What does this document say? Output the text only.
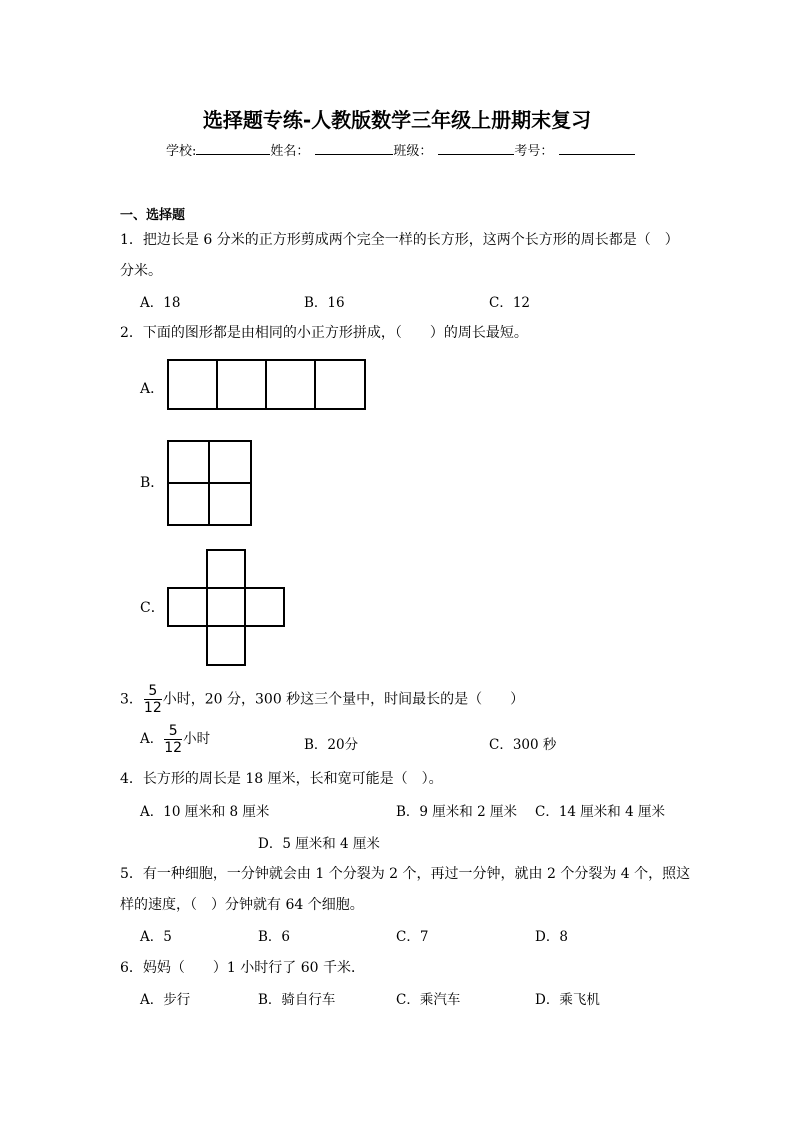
选择题专练-人教版数学三年级上册期末复习
学校:	姓名：	班级：	考号：
一、选择题
1．把边长是 6 分米的正方形剪成两个完全一样的长方形，这两个长方形的周长都是（　）
分米。
A．18	B．16	C．12
2．下面的图形都是由相同的小正方形拼成，（　　）的周长最短。
A．
B．
C．
3． $\frac{5}{12}$ 小时，20 分，300 秒这三个量中，时间最长的是（　　）
A． $\frac{5}{12}$ 小时	B．20分	C．300 秒
4．长方形的周长是 18 厘米，长和宽可能是（　）。
A．10 厘米和 8 厘米	B．9 厘米和 2 厘米 C．14 厘米和 4 厘米
D．5 厘米和 4 厘米
5．有一种细胞，一分钟就会由 1 个分裂为 2 个，再过一分钟，就由 2 个分裂为 4 个，照这
样的速度，（　）分钟就有 64 个细胞。
A．5	B．6	C．7	D．8
6．妈妈（　　）1 小时行了 60 千米．
A．步行	B．骑自行车	C．乘汽车	D．乘飞机
